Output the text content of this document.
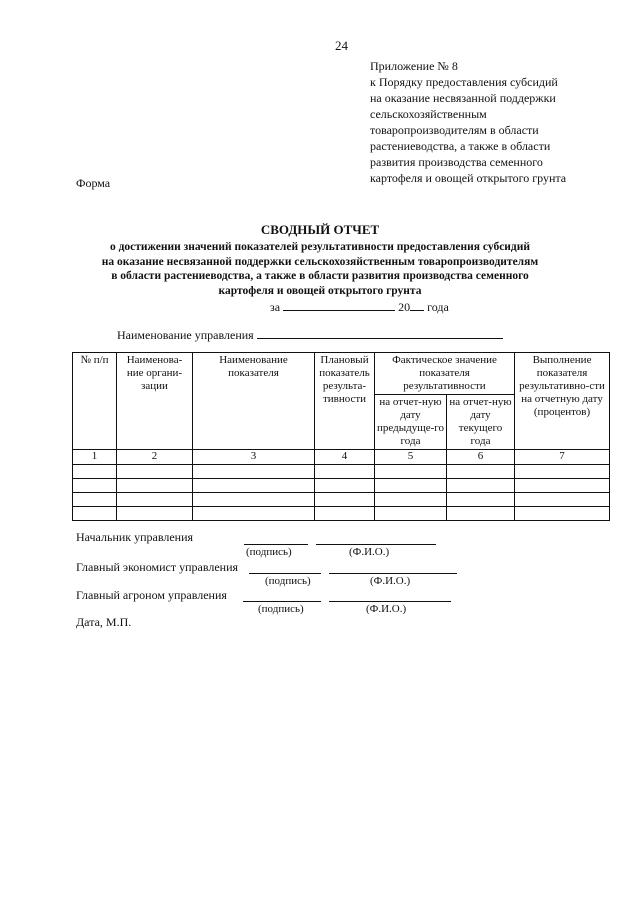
24
Приложение № 8
к Порядку предоставления субсидий
на оказание несвязанной поддержки
сельскохозяйственным
товаропроизводителям в области
растениеводства, а также в области
развития производства семенного
картофеля и овощей открытого грунта
Форма
СВОДНЫЙ ОТЧЕТ
о достижении значений показателей результативности предоставления субсидий
на оказание несвязанной поддержки сельскохозяйственным товаропроизводителям
в области растениеводства, а также в области развития производства семенного
картофеля и овощей открытого грунта
за	20 года
Наименование управления
№ п/п	Наименова-ние органи-зации	Наименование показателя	Плановый показатель результа-тивности	Фактическое значение показателя результативности		Выполнение показателя результативно-сти на отчетную дату (процентов)
				на отчет-ную дату предыдуще-го года	на отчет-ную дату текущего года	
1	2	3	4	5	6	7

Начальник управления
(подпись)	(Ф.И.О.)
Главный экономист управления
(подпись)	(Ф.И.О.)
Главный агроном управления
(подпись)	(Ф.И.О.)
Дата, М.П.
